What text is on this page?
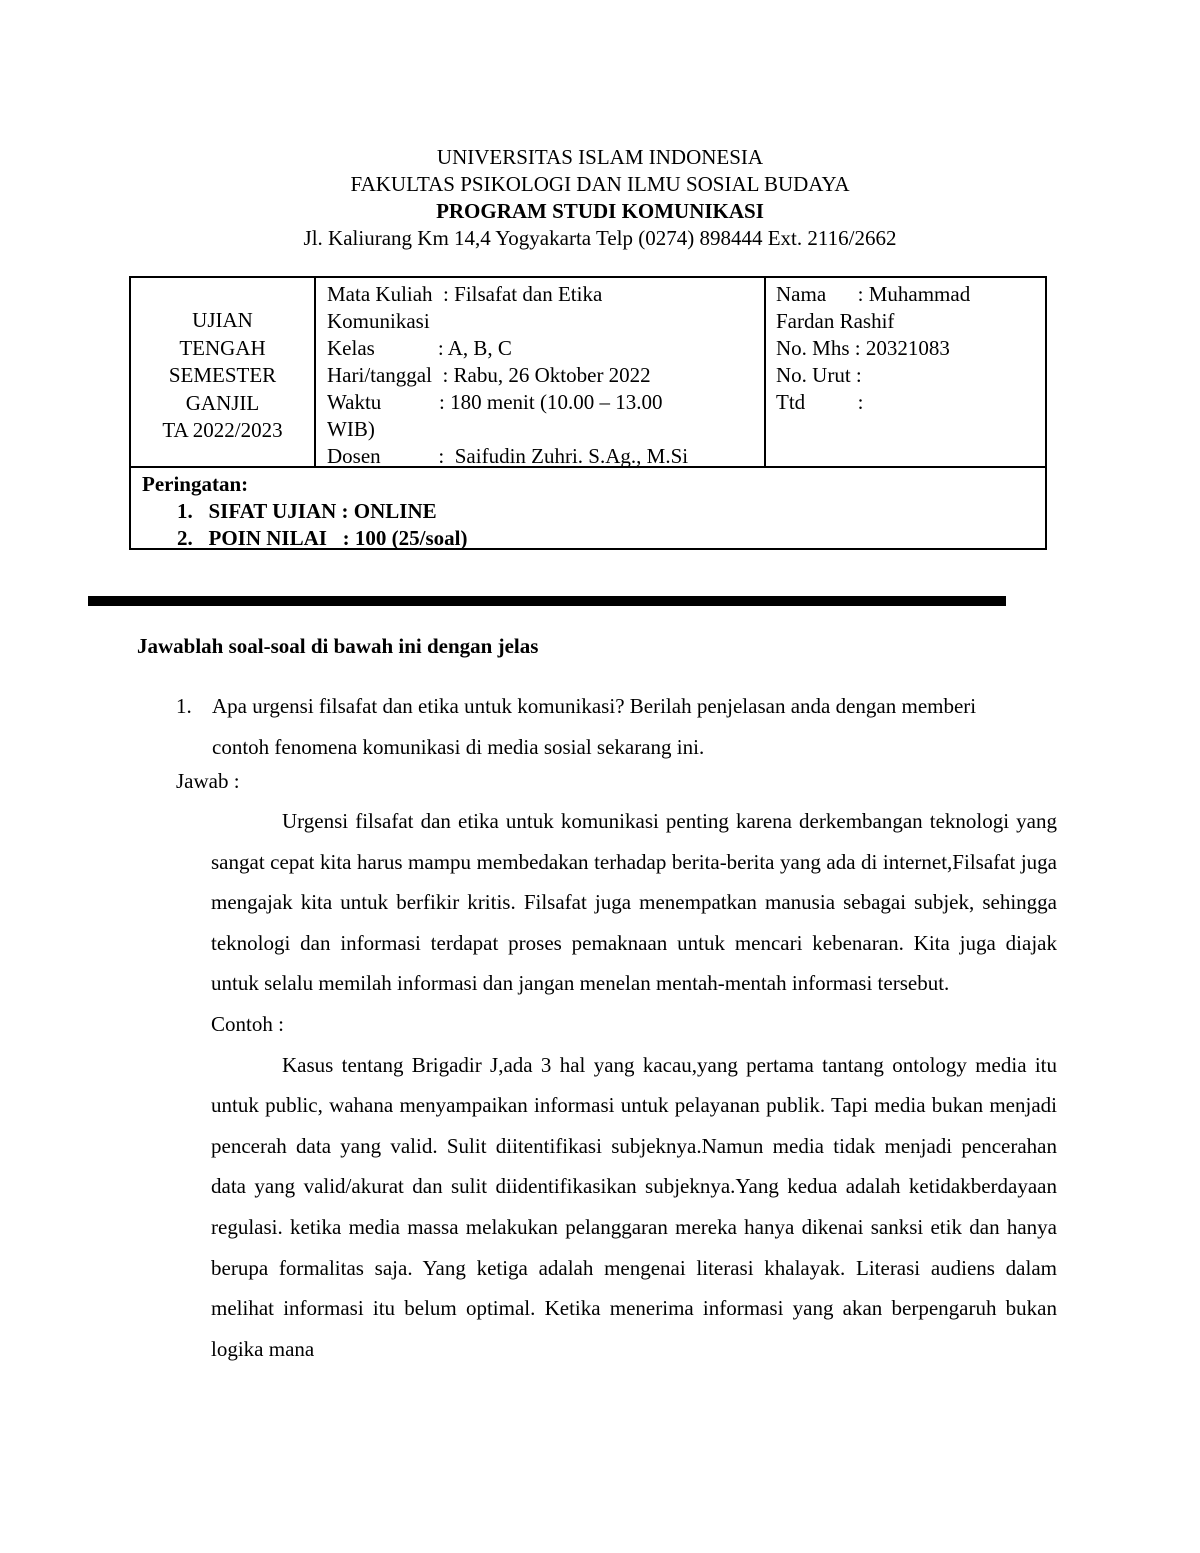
UNIVERSITAS ISLAM INDONESIA
FAKULTAS PSIKOLOGI DAN ILMU SOSIAL BUDAYA
PROGRAM STUDI KOMUNIKASI
Jl. Kaliurang Km 14,4 Yogyakarta Telp (0274) 898444 Ext. 2116/2662
UJIAN
TENGAH
SEMESTER
GANJIL
TA 2022/2023
Mata Kuliah  : Filsafat dan Etika
Komunikasi
Kelas            : A, B, C
Hari/tanggal  : Rabu, 26 Oktober 2022
Waktu           : 180 menit (10.00 – 13.00
WIB)
Dosen           :  Saifudin Zuhri. S.Ag., M.Si
Nama      : Muhammad
Fardan Rashif
No. Mhs : 20321083
No. Urut :
Ttd          :
Peringatan:
1.   SIFAT UJIAN : ONLINE
2.   POIN NILAI   : 100 (25/soal)
Jawablah soal-soal di bawah ini dengan jelas
1. Apa urgensi filsafat dan etika untuk komunikasi? Berilah penjelasan anda dengan memberi contoh fenomena komunikasi di media sosial sekarang ini.
Jawab :

Urgensi filsafat dan etika untuk komunikasi penting karena derkembangan teknologi yang sangat cepat kita harus mampu membedakan terhadap berita-berita yang ada di internet,Filsafat juga mengajak kita untuk berfikir kritis. Filsafat juga menempatkan manusia sebagai subjek, sehingga teknologi dan informasi terdapat proses pemaknaan untuk mencari kebenaran. Kita juga diajak untuk selalu memilah informasi dan jangan menelan mentah-mentah informasi tersebut.

Contoh :

Kasus tentang Brigadir J,ada 3 hal yang kacau,yang pertama tantang ontology media itu untuk public, wahana menyampaikan informasi untuk pelayanan publik. Tapi media bukan menjadi pencerah data yang valid. Sulit diitentifikasi subjeknya.Namun media tidak menjadi pencerahan data yang valid/akurat dan sulit diidentifikasikan subjeknya.Yang kedua adalah ketidakberdayaan regulasi. ketika media massa melakukan pelanggaran mereka hanya dikenai sanksi etik dan hanya berupa formalitas saja. Yang ketiga adalah mengenai literasi khalayak. Literasi audiens dalam melihat informasi itu belum optimal. Ketika menerima informasi yang akan berpengaruh bukan logika mana
